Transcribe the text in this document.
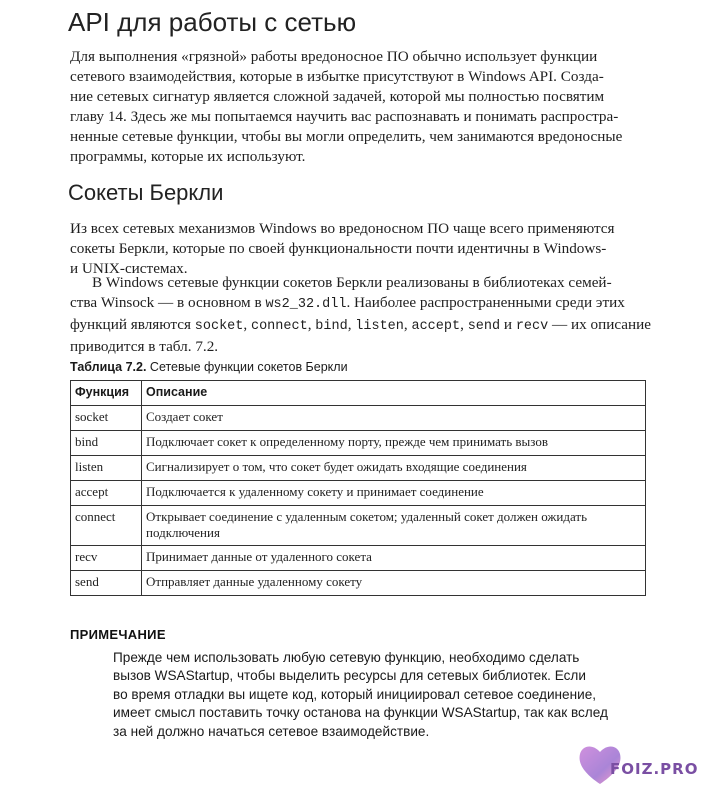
API для работы с сетью
Для выполнения «грязной» работы вредоносное ПО обычно использует функции
сетевого взаимодействия, которые в избытке присутствуют в Windows API. Созда-
ние сетевых сигнатур является сложной задачей, которой мы полностью посвятим
главу 14. Здесь же мы попытаемся научить вас распознавать и понимать распростра-
ненные сетевые функции, чтобы вы могли определить, чем занимаются вредоносные
программы, которые их используют.
Сокеты Беркли
Из всех сетевых механизмов Windows во вредоносном ПО чаще всего применяются
сокеты Беркли, которые по своей функциональности почти идентичны в Windows-
и UNIX-системах.
В Windows сетевые функции сокетов Беркли реализованы в библиотеках семей-
ства Winsock — в основном в ws2_32.dll. Наиболее распространенными среди этих
функций являются socket, connect, bind, listen, accept, send и recv — их описание
приводится в табл. 7.2.

Таблица 7.2. Сетевые функции сокетов Беркли

Функция	Описание
socket	Создает сокет
bind	Подключает сокет к определенному порту, прежде чем принимать вызов
listen	Сигнализирует о том, что сокет будет ожидать входящие соединения
accept	Подключается к удаленному сокету и принимает соединение
connect	Открывает соединение с удаленным сокетом; удаленный сокет должен ожидать подключения
recv	Принимает данные от удаленного сокета
send	Отправляет данные удаленному сокету

ПРИМЕЧАНИЕ

Прежде чем использовать любую сетевую функцию, необходимо сделать
вызов WSAStartup, чтобы выделить ресурсы для сетевых библиотек. Если
во время отладки вы ищете код, который инициировал сетевое соединение,
имеет смысл поставить точку останова на функции WSAStartup, так как вслед
за ней должно начаться сетевое взаимодействие.
FOIZ.PRO
